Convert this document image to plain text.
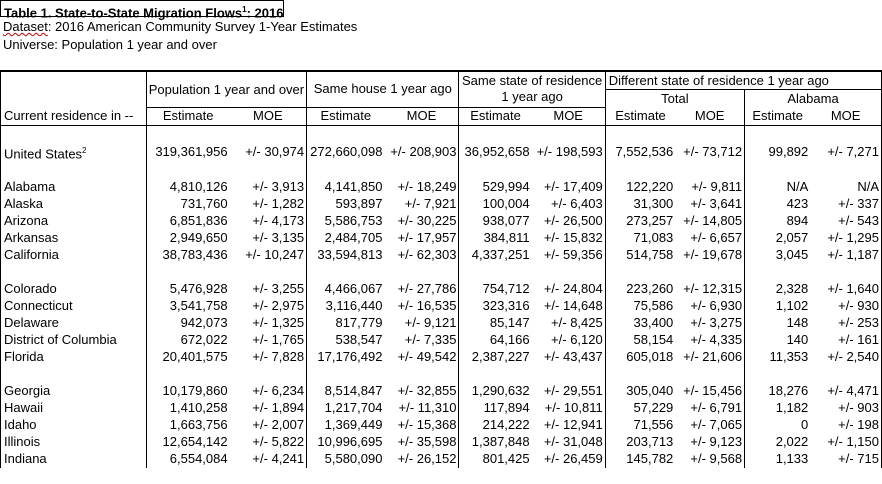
Table 1. State-to-State Migration Flows$^1$: 2016
Dataset: 2016 American Community Survey 1-Year Estimates
Universe: Population 1 year and over
	Population 1 year and over		Same house 1 year ago		Same state of residence 1 year ago		Different state of residence 1 year ago			
							Total		Alabama	
Current residence in --	Estimate	MOE	Estimate	MOE	Estimate	MOE	Estimate	MOE	Estimate	MOE

United States$^2$	319,361,956	+/- 30,974	272,660,098	+/- 208,903	36,952,658	+/- 198,593	7,552,536	+/- 73,712	99,892	+/- 7,271

Alabama	4,810,126	+/- 3,913	4,141,850	+/- 18,249	529,994	+/- 17,409	122,220	+/- 9,811	N/A	N/A
Alaska	731,760	+/- 1,282	593,897	+/- 7,921	100,004	+/- 6,403	31,300	+/- 3,641	423	+/- 337
Arizona	6,851,836	+/- 4,173	5,586,753	+/- 30,225	938,077	+/- 26,500	273,257	+/- 14,805	894	+/- 543
Arkansas	2,949,650	+/- 3,135	2,484,705	+/- 17,957	384,811	+/- 15,832	71,083	+/- 6,657	2,057	+/- 1,295
California	38,783,436	+/- 10,247	33,594,813	+/- 62,303	4,337,251	+/- 59,356	514,758	+/- 19,678	3,045	+/- 1,187

Colorado	5,476,928	+/- 3,255	4,466,067	+/- 27,786	754,712	+/- 24,804	223,260	+/- 12,315	2,328	+/- 1,640
Connecticut	3,541,758	+/- 2,975	3,116,440	+/- 16,535	323,316	+/- 14,648	75,586	+/- 6,930	1,102	+/- 930
Delaware	942,073	+/- 1,325	817,779	+/- 9,121	85,147	+/- 8,425	33,400	+/- 3,275	148	+/- 253
District of Columbia	672,022	+/- 1,765	538,547	+/- 7,335	64,166	+/- 6,120	58,154	+/- 4,335	140	+/- 161
Florida	20,401,575	+/- 7,828	17,176,492	+/- 49,542	2,387,227	+/- 43,437	605,018	+/- 21,606	11,353	+/- 2,540

Georgia	10,179,860	+/- 6,234	8,514,847	+/- 32,855	1,290,632	+/- 29,551	305,040	+/- 15,456	18,276	+/- 4,471
Hawaii	1,410,258	+/- 1,894	1,217,704	+/- 11,310	117,894	+/- 10,811	57,229	+/- 6,791	1,182	+/- 903
Idaho	1,663,756	+/- 2,007	1,369,449	+/- 15,368	214,222	+/- 12,941	71,556	+/- 7,065	0	+/- 198
Illinois	12,654,142	+/- 5,822	10,996,695	+/- 35,598	1,387,848	+/- 31,048	203,713	+/- 9,123	2,022	+/- 1,150
Indiana	6,554,084	+/- 4,241	5,580,090	+/- 26,152	801,425	+/- 26,459	145,782	+/- 9,568	1,133	+/- 715
